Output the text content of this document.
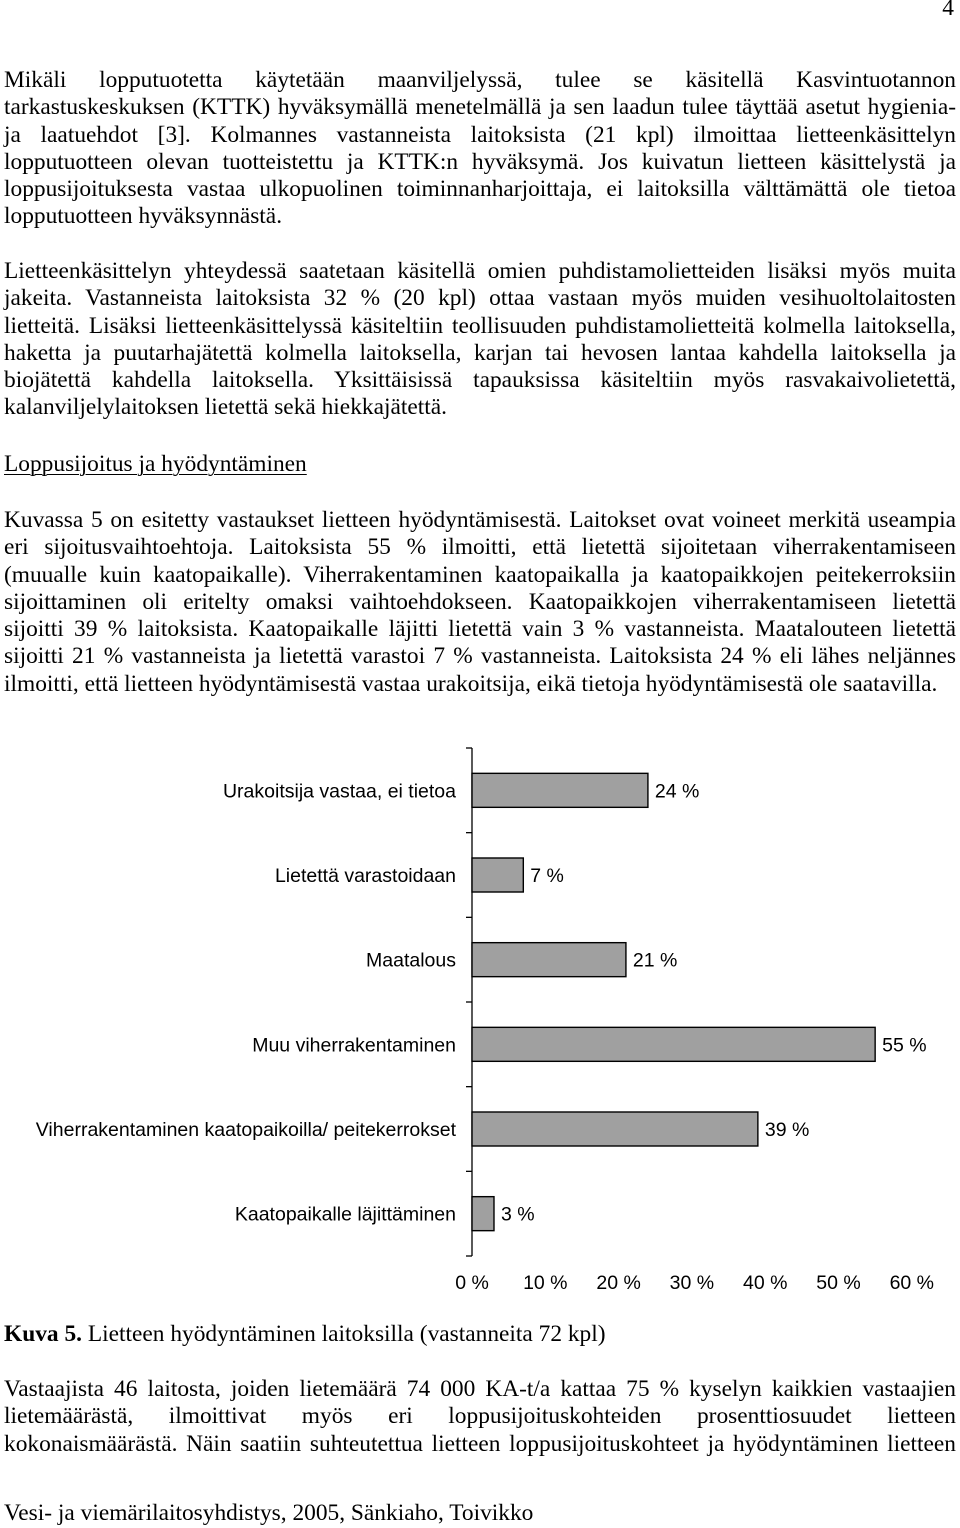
4
Mikäli lopputuotetta käytetään maanviljelyssä, tulee se käsitellä Kasvintuotannon
tarkastuskeskuksen (KTTK) hyväksymällä menetelmällä ja sen laadun tulee täyttää asetut hygienia-
ja laatuehdot [3]. Kolmannes vastanneista laitoksista (21 kpl) ilmoittaa lietteenkäsittelyn
lopputuotteen olevan tuotteistettu ja KTTK:n hyväksymä. Jos kuivatun lietteen käsittelystä ja
loppusijoituksesta vastaa ulkopuolinen toiminnanharjoittaja, ei laitoksilla välttämättä ole tietoa
lopputuotteen hyväksynnästä.
Lietteenkäsittelyn yhteydessä saatetaan käsitellä omien puhdistamolietteiden lisäksi myös muita
jakeita. Vastanneista laitoksista 32 % (20 kpl) ottaa vastaan myös muiden vesihuoltolaitosten
lietteitä. Lisäksi lietteenkäsittelyssä käsiteltiin teollisuuden puhdistamolietteitä kolmella laitoksella,
haketta ja puutarhajätettä kolmella laitoksella, karjan tai hevosen lantaa kahdella laitoksella ja
biojätettä kahdella laitoksella. Yksittäisissä tapauksissa käsiteltiin myös rasvakaivolietettä,
kalanviljelylaitoksen lietettä sekä hiekkajätettä.
Loppusijoitus ja hyödyntäminen
Kuvassa 5 on esitetty vastaukset lietteen hyödyntämisestä. Laitokset ovat voineet merkitä useampia
eri sijoitusvaihtoehtoja. Laitoksista 55 % ilmoitti, että lietettä sijoitetaan viherrakentamiseen
(muualle kuin kaatopaikalle). Viherrakentaminen kaatopaikalla ja kaatopaikkojen peitekerroksiin
sijoittaminen oli eritelty omaksi vaihtoehdokseen. Kaatopaikkojen viherrakentamiseen lietettä
sijoitti 39 % laitoksista. Kaatopaikalle läjitti lietettä vain 3 % vastanneista. Maatalouteen lietettä
sijoitti 21 % vastanneista ja lietettä varastoi 7 % vastanneista. Laitoksista 24 % eli lähes neljännes
ilmoitti, että lietteen hyödyntämisestä vastaa urakoitsija, eikä tietoja hyödyntämisestä ole saatavilla.
Urakoitsija vastaa, ei tietoa	24 %
Lietettä varastoidaan	7 %
Maatalous	21 %
Muu viherrakentaminen	55 %
Viherrakentaminen kaatopaikoilla/ peitekerrokset	39 %
Kaatopaikalle läjittäminen 3 %
0 % 10 % 20 % 30 % 40 % 50 % 60 %
Kuva 5. Lietteen hyödyntäminen laitoksilla (vastanneita 72 kpl)
Vastaajista 46 laitosta, joiden lietemäärä 74 000 KA-t/a kattaa 75 % kyselyn kaikkien vastaajien
lietemäärästä, ilmoittivat myös eri loppusijoituskohteiden prosenttiosuudet lietteen
kokonaismäärästä. Näin saatiin suhteutettua lietteen loppusijoituskohteet ja hyödyntäminen lietteen
Vesi- ja viemärilaitosyhdistys, 2005, Sänkiaho, Toivikko
